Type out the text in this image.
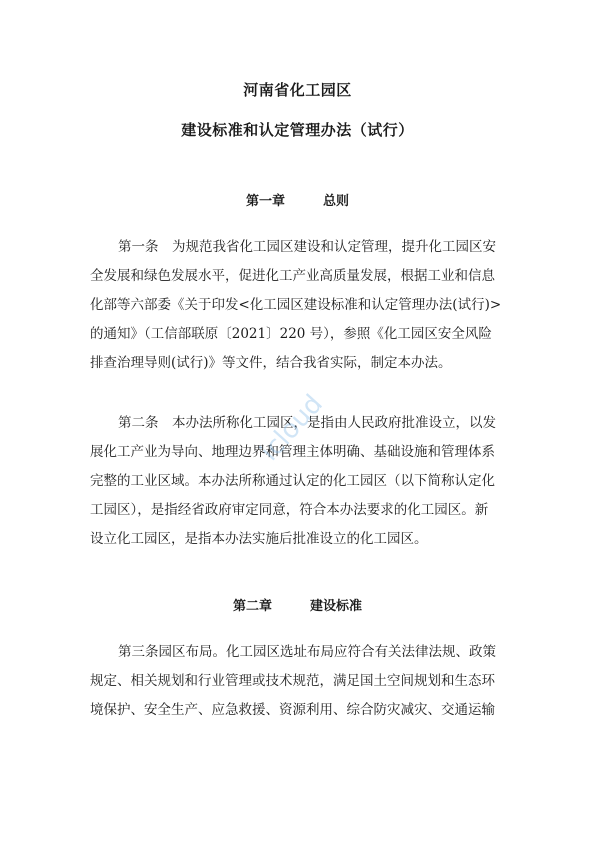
河南省化工园区
建设标准和认定管理办法（试行）
第一章	总则

第一条　为规范我省化工园区建设和认定管理，提升化工园区安

全发展和绿色发展水平，促进化工产业高质量发展，根据工业和信息

化部等六部委《关于印发<化工园区建设标准和认定管理办法(试行)>

的通知》（工信部联原〔2021〕220 号），参照《化工园区安全风险

排查治理导则(试行)》等文件，结合我省实际，制定本办法。

第二条　本办法所称化工园区，是指由人民政府批准设立，以发

展化工产业为导向、地理边界和管理主体明确、基础设施和管理体系

完整的工业区域。本办法所称通过认定的化工园区（以下简称认定化

工园区），是指经省政府审定同意，符合本办法要求的化工园区。新

设立化工园区，是指本办法实施后批准设立的化工园区。

第二章	建设标准

第三条园区布局。化工园区选址布局应符合有关法律法规、政策

规定、相关规划和行业管理或技术规范，满足国土空间规划和生态环

境保护、安全生产、应急救援、资源利用、综合防灾减灾、交通运输

icloud
